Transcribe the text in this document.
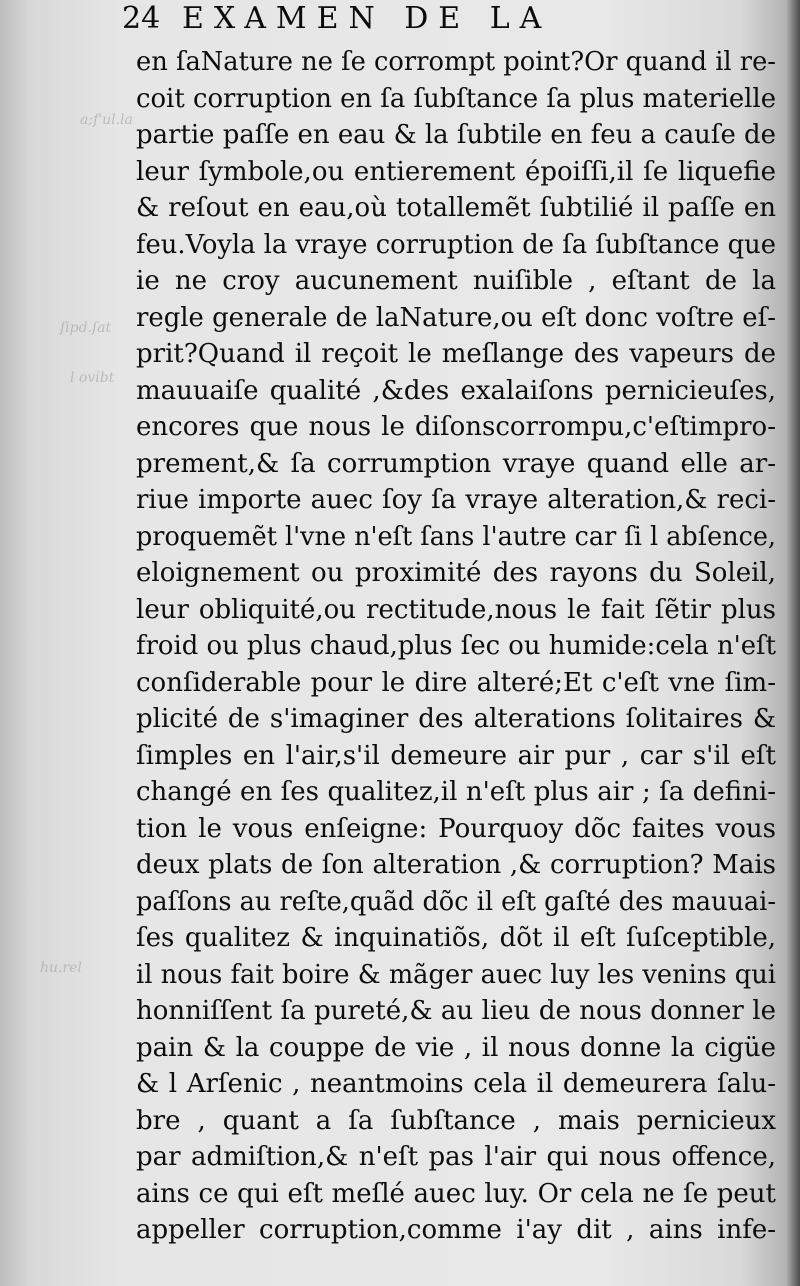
a;f'ul.la
ſipd.ſat
l ovibt
hu.rel
24 EXAMEN DE LA
en ſaNature ne ſe corrompt point?Or quand il re-
coit corruption en ſa ſubſtance ſa plus materielle
partie paſſe en eau & la ſubtile en feu a cauſe de
leur ſymbole,ou entierement époiſſi,il ſe liquefie
& reſout en eau,où totallemẽt ſubtilié il paſſe en
feu.Voyla la vraye corruption de ſa ſubſtance que
ie ne croy aucunement nuiſible , eſtant de la
regle generale de laNature,ou eſt donc voſtre eſ-
prit?Quand il reçoit le meſlange des vapeurs de
mauuaiſe qualité ,&des exalaiſons pernicieuſes,
encores que nous le diſonscorrompu,c'eſtimpro-
prement,& ſa corrumption vraye quand elle ar-
riue importe auec ſoy ſa vraye alteration,& reci-
proquemẽt l'vne n'eſt ſans l'autre car ſi l abſence,
eloignement ou proximité des rayons du Soleil,
leur obliquité,ou rectitude,nous le fait ſẽtir plus
froid ou plus chaud,plus ſec ou humide:cela n'eſt
conſiderable pour le dire alteré;Et c'eſt vne ſim-
plicité de s'imaginer des alterations ſolitaires &
ſimples en l'air,s'il demeure air pur , car s'il eſt
changé en ſes qualitez,il n'eſt plus air ; ſa defini-
tion le vous enſeigne: Pourquoy dõc faites vous
deux plats de ſon alteration ,& corruption? Mais
paſſons au reſte,quãd dõc il eſt gaſté des mauuai-
ſes qualitez & inquinatiõs, dõt il eſt ſuſceptible,
il nous fait boire & mãger auec luy les venins qui
honniſſent ſa pureté,& au lieu de nous donner le
pain & la couppe de vie , il nous donne la cigüe
& l Arſenic , neantmoins cela il demeurera ſalu-
bre , quant a ſa ſubſtance , mais pernicieux
par admiſtion,& n'eſt pas l'air qui nous offence,
ains ce qui eſt meſlé auec luy. Or cela ne ſe peut
appeller corruption,comme i'ay dit , ains infe-
